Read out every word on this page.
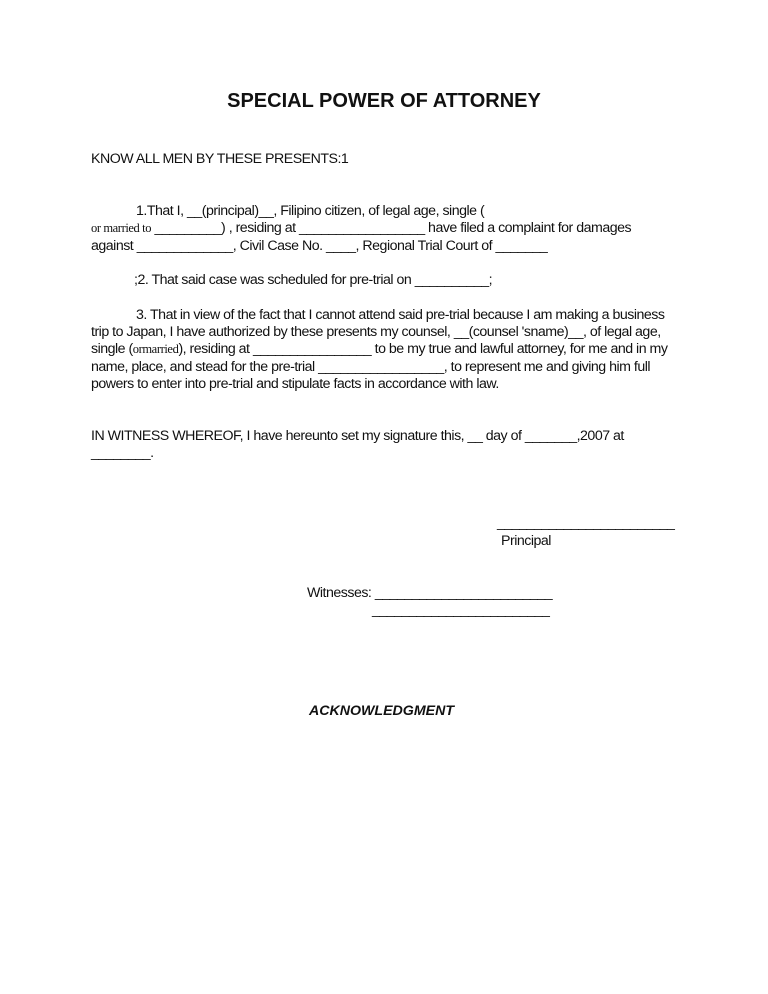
SPECIAL POWER OF ATTORNEY
KNOW ALL MEN BY THESE PRESENTS:1
1.That I, __(principal)__, Filipino citizen, of legal age, single (
or married to _________) , residing at _________________ have filed a complaint for damages
against _____________, Civil Case No. ____, Regional Trial Court of _______
;2. That said case was scheduled for pre-trial on __________;
3. That in view of the fact that I cannot attend said pre-trial because I am making a business
trip to Japan, I have authorized by these presents my counsel, __(counsel 'sname)__, of legal age,
single (ormarried), residing at ________________ to be my true and lawful attorney, for me and in my
name, place, and stead for the pre-trial _________________, to represent me and giving him full
powers to enter into pre-trial and stipulate facts in accordance with law.
IN WITNESS WHEREOF, I have hereunto set my signature this, __ day of _______,2007 at
________.
________________________
Principal
Witnesses: ________________________
________________________
ACKNOWLEDGMENT
